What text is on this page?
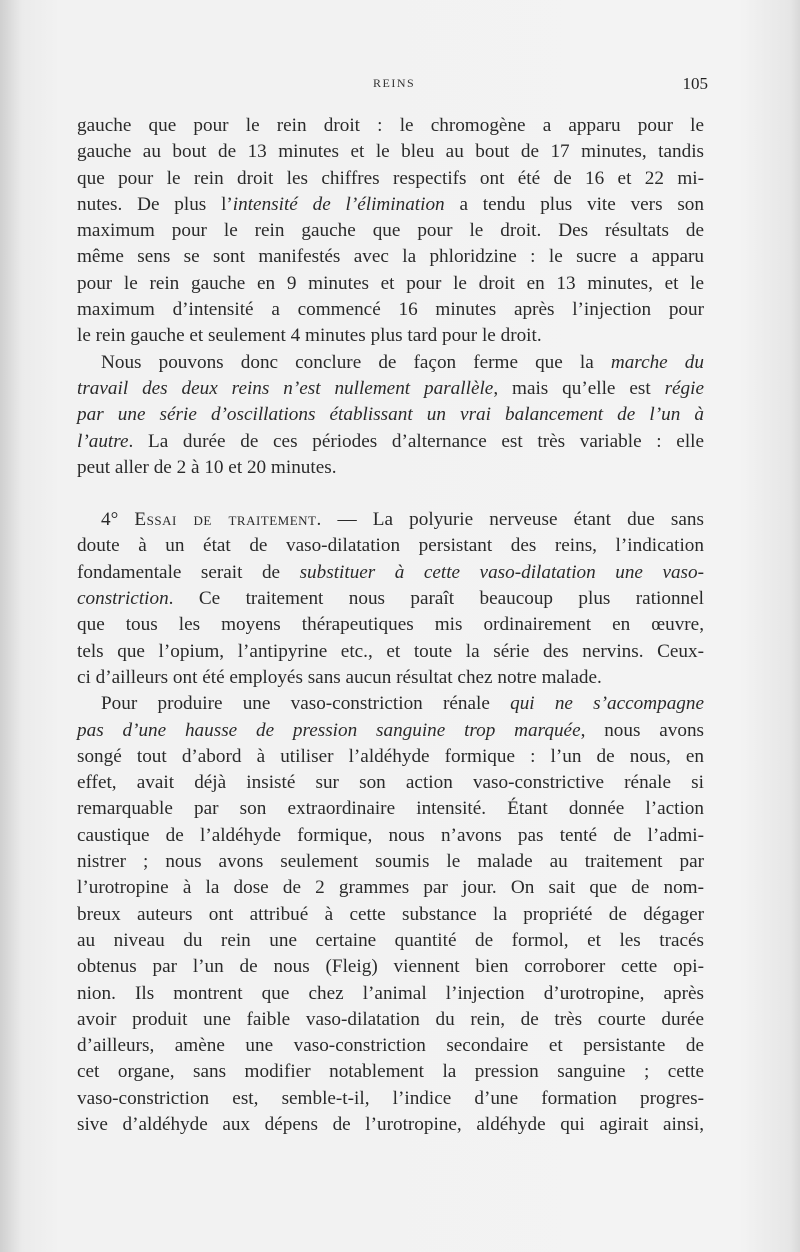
REINS	105
gauche que pour le rein droit : le chromogène a apparu pour le
gauche au bout de 13 minutes et le bleu au bout de 17 minutes, tandis
que pour le rein droit les chiffres respectifs ont été de 16 et 22 mi-
nutes. De plus l’intensité de l’élimination a tendu plus vite vers son
maximum pour le rein gauche que pour le droit. Des résultats de
même sens se sont manifestés avec la phloridzine : le sucre a apparu
pour le rein gauche en 9 minutes et pour le droit en 13 minutes, et le
maximum d’intensité a commencé 16 minutes après l’injection pour
le rein gauche et seulement 4 minutes plus tard pour le droit.
Nous pouvons donc conclure de façon ferme que la marche du
travail des deux reins n’est nullement parallèle, mais qu’elle est régie
par une série d’oscillations établissant un vrai balancement de l’un à
l’autre. La durée de ces périodes d’alternance est très variable : elle
peut aller de 2 à 10 et 20 minutes.
4° Essai de traitement. — La polyurie nerveuse étant due sans
doute à un état de vaso-dilatation persistant des reins, l’indication
fondamentale serait de substituer à cette vaso-dilatation une vaso-
constriction. Ce traitement nous paraît beaucoup plus rationnel
que tous les moyens thérapeutiques mis ordinairement en œuvre,
tels que l’opium, l’antipyrine etc., et toute la série des nervins. Ceux-
ci d’ailleurs ont été employés sans aucun résultat chez notre malade.
Pour produire une vaso-constriction rénale qui ne s’accompagne
pas d’une hausse de pression sanguine trop marquée, nous avons
songé tout d’abord à utiliser l’aldéhyde formique : l’un de nous, en
effet, avait déjà insisté sur son action vaso-constrictive rénale si
remarquable par son extraordinaire intensité. Étant donnée l’action
caustique de l’aldéhyde formique, nous n’avons pas tenté de l’admi-
nistrer ; nous avons seulement soumis le malade au traitement par
l’urotropine à la dose de 2 grammes par jour. On sait que de nom-
breux auteurs ont attribué à cette substance la propriété de dégager
au niveau du rein une certaine quantité de formol, et les tracés
obtenus par l’un de nous (Fleig) viennent bien corroborer cette opi-
nion. Ils montrent que chez l’animal l’injection d’urotropine, après
avoir produit une faible vaso-dilatation du rein, de très courte durée
d’ailleurs, amène une vaso-constriction secondaire et persistante de
cet organe, sans modifier notablement la pression sanguine ; cette
vaso-constriction est, semble-t-il, l’indice d’une formation progres-
sive d’aldéhyde aux dépens de l’urotropine, aldéhyde qui agirait ainsi,
